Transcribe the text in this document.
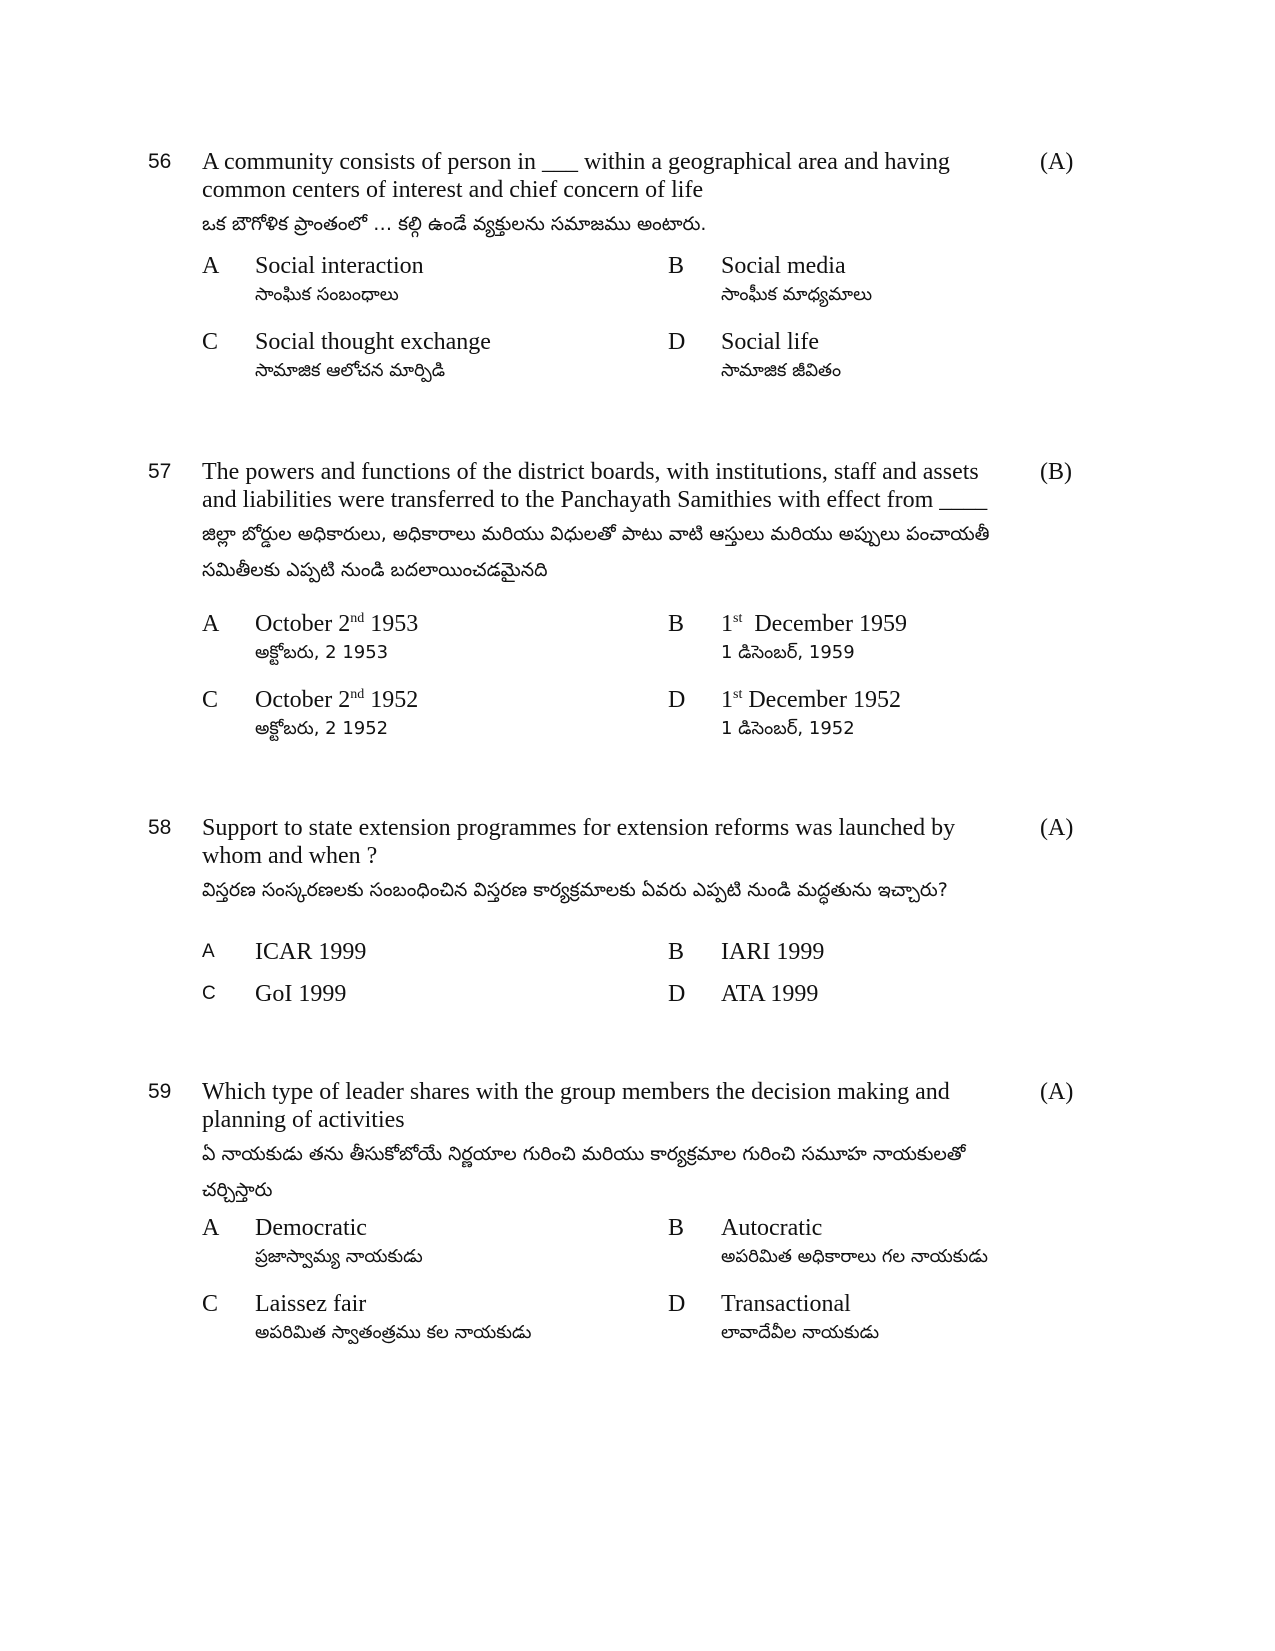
56 A community consists of person in ___ within a geographical area and having common centers of interest and chief concern of life
ఒక బౌగోళిక ప్రాంతంలో … కల్గి ఉండే వ్యక్తులను సమాజము అంటారు.
(A)
A Social interaction
సాంఘిక సంబంధాలు
B Social media
సాంఘీక మాధ్యమాలు
C Social thought exchange
సామాజిక ఆలోచన మార్పిడి
D Social life
సామాజిక జీవితం
57 The powers and functions of the district boards, with institutions, staff and assets and liabilities were transferred to the Panchayath Samithies with effect from ____
జిల్లా బోర్డుల అధికారులు, అధికారాలు మరియు విధులతో పాటు వాటి ఆస్తులు మరియు అప్పులు పంచాయతీ సమితీలకు ఎప్పటి నుండి బదలాయించడమైనది
(B)
A October 2nd 1953
అక్టోబరు, 2 1953
B 1st  December 1959
1 డిసెంబర్, 1959
C October 2nd 1952
అక్టోబరు, 2 1952
D 1st December 1952
1 డిసెంబర్, 1952
58 Support to state extension programmes for extension reforms was launched by whom and when ?
విస్తరణ సంస్కరణలకు సంబంధించిన విస్తరణ కార్యక్రమాలకు ఏవరు ఎప్పటి నుండి మద్ధతును ఇచ్చారు?
(A)
A ICAR 1999	B IARI 1999
C GoI 1999	D ATA 1999
59 Which type of leader shares with the group members the decision making and planning of activities
ఏ నాయకుడు తను తీసుకోబోయే నిర్ణయాల గురించి మరియు కార్యక్రమాల గురించి సమూహ నాయకులతో చర్చిస్తారు
(A)
A Democratic
ప్రజాస్వామ్య నాయకుడు
B Autocratic
అపరిమిత అధికారాలు గల నాయకుడు
C Laissez fair
అపరిమిత స్వాతంత్రము కల నాయకుడు
D Transactional
లావాదేవీల నాయకుడు
